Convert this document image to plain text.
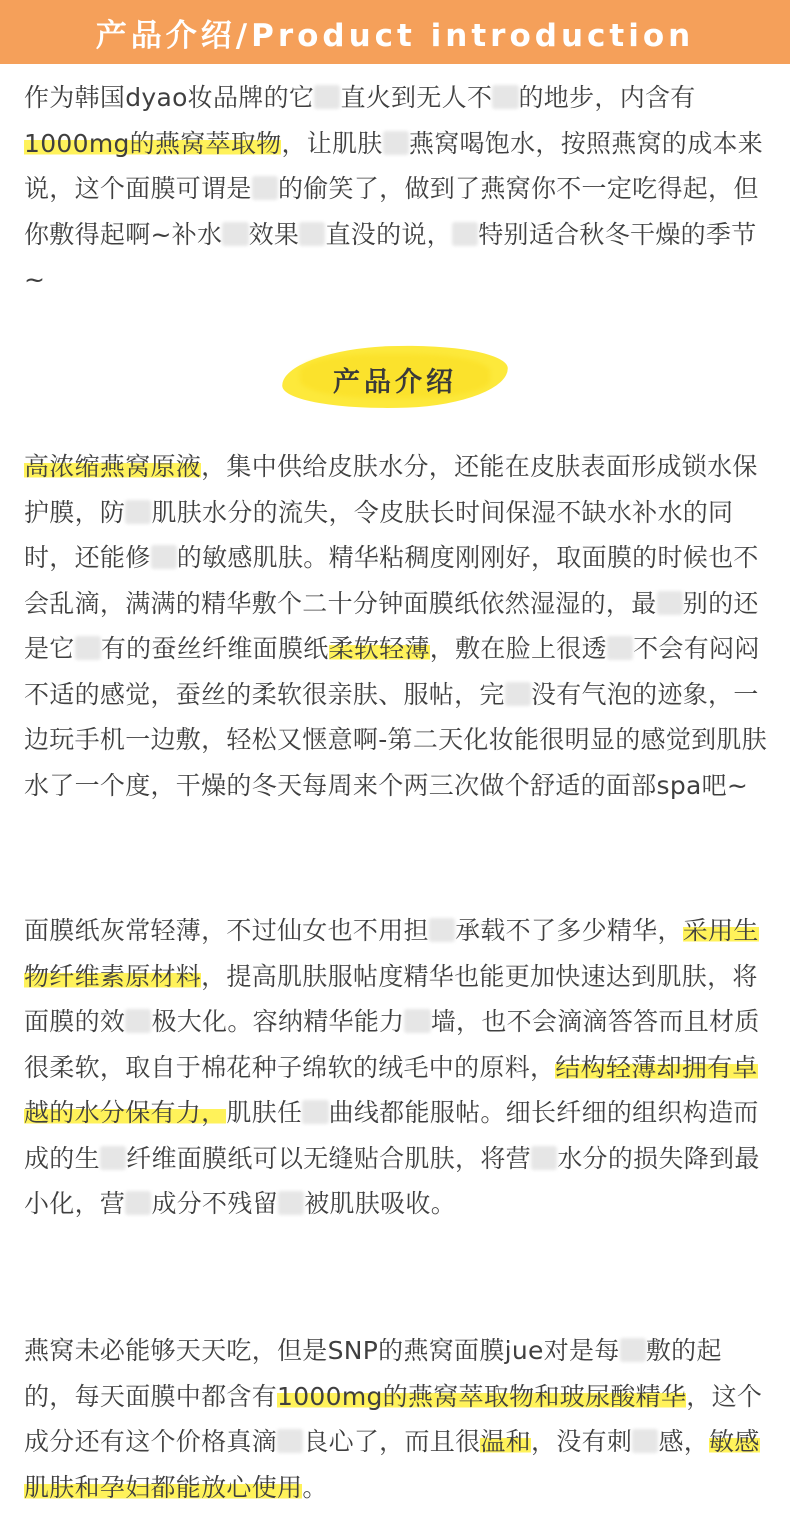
产品介绍/Product introduction

作为韩国dyao妆品牌的它 直火到无人不 的地步，内含有1000mg的燕窝萃取物，让肌肤 燕窝喝饱水，按照燕窝的成本来说，这个面膜可谓是 的偷笑了，做到了燕窝你不一定吃得起，但你敷得起啊~补水 效果 直没的说， 特别适合秋冬干燥的季节~

产品介绍

高浓缩燕窝原液，集中供给皮肤水分，还能在皮肤表面形成锁水保护膜，防 肌肤水分的流失，令皮肤长时间保湿不缺水补水的同时，还能修 的敏感肌肤。精华粘稠度刚刚好，取面膜的时候也不会乱滴，满满的精华敷个二十分钟面膜纸依然湿湿的，最 别的还是它 有的蚕丝纤维面膜纸柔软轻薄，敷在脸上很透 不会有闷闷不适的感觉，蚕丝的柔软很亲肤、服帖，完 没有气泡的迹象，一边玩手机一边敷，轻松又惬意啊-第二天化妆能很明显的感觉到肌肤水了一个度，干燥的冬天每周来个两三次做个舒适的面部spa吧~

面膜纸灰常轻薄，不过仙女也不用担 承载不了多少精华，采用生物纤维素原材料，提高肌肤服帖度精华也能更加快速达到肌肤，将面膜的效 极大化。容纳精华能力 墙，也不会滴滴答答而且材质很柔软，取自于棉花种子绵软的绒毛中的原料，结构轻薄却拥有卓越的水分保有力，肌肤任 曲线都能服帖。细长纤细的组织构造而成的生 纤维面膜纸可以无缝贴合肌肤，将营 水分的损失降到最小化，营 成分不残留 被肌肤吸收。

燕窝未必能够天天吃，但是SNP的燕窝面膜jue对是每 敷的起的，每天面膜中都含有1000mg的燕窝萃取物和玻尿酸精华，这个成分还有这个价格真滴 良心了，而且很温和，没有刺 感，敏感肌肤和孕妇都能放心使用。
